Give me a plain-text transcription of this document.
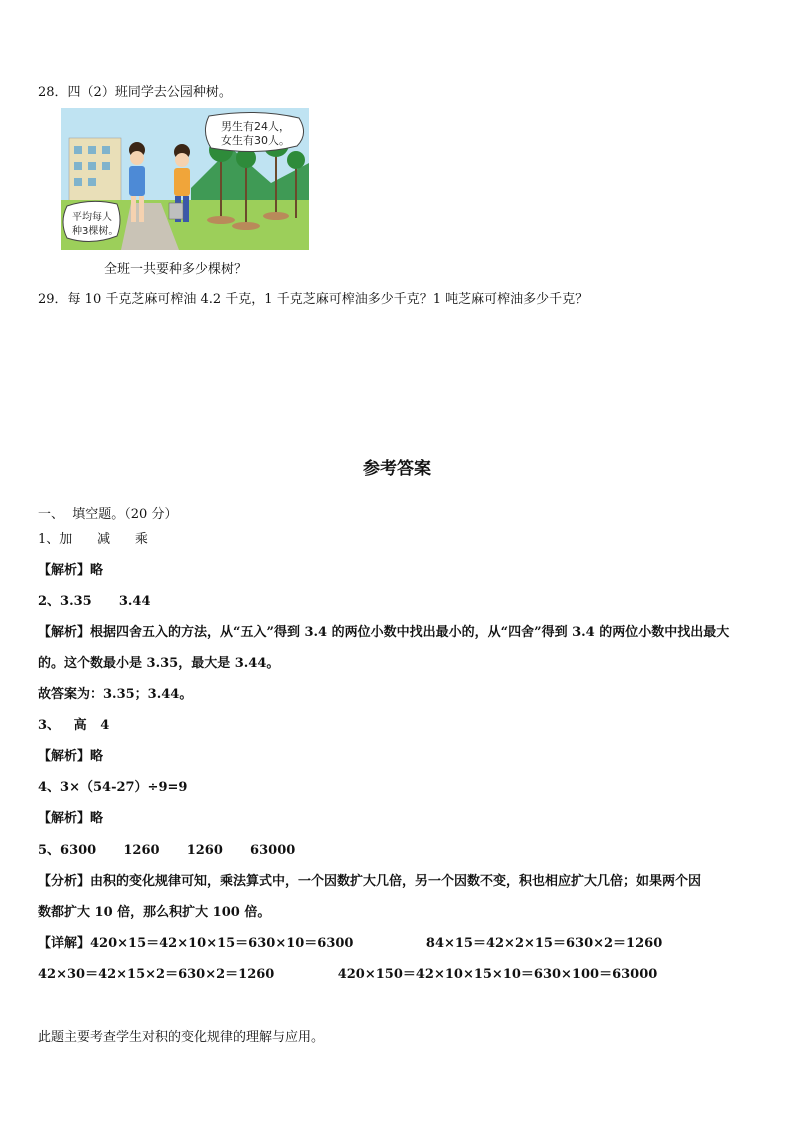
28．四（2）班同学去公园种树。
男生有24人，
女生有30人。
平均每人
种3棵树。
全班一共要种多少棵树？
29．每 10 千克芝麻可榨油 4.2 千克，1 千克芝麻可榨油多少千克？1 吨芝麻可榨油多少千克？
参考答案
一、  填空题。（20 分）
1、加      减      乘
【解析】略
2、3.35      3.44
【解析】根据四舍五入的方法，从“五入”得到 3.4 的两位小数中找出最小的，从“四舍”得到 3.4 的两位小数中找出最大
的。这个数最小是 3.35，最大是 3.44。
故答案为：3.35；3.44。
3、   高   4
【解析】略
4、3×（54-27）÷9=9
【解析】略
5、6300      1260      1260      63000
【分析】由积的变化规律可知，乘法算式中，一个因数扩大几倍，另一个因数不变，积也相应扩大几倍；如果两个因
数都扩大 10 倍，那么积扩大 100 倍。
【详解】420×15＝42×10×15＝630×10＝6300                84×15＝42×2×15＝630×2＝1260
42×30＝42×15×2＝630×2＝1260              420×150＝42×10×15×10＝630×100＝63000
此题主要考查学生对积的变化规律的理解与应用。
